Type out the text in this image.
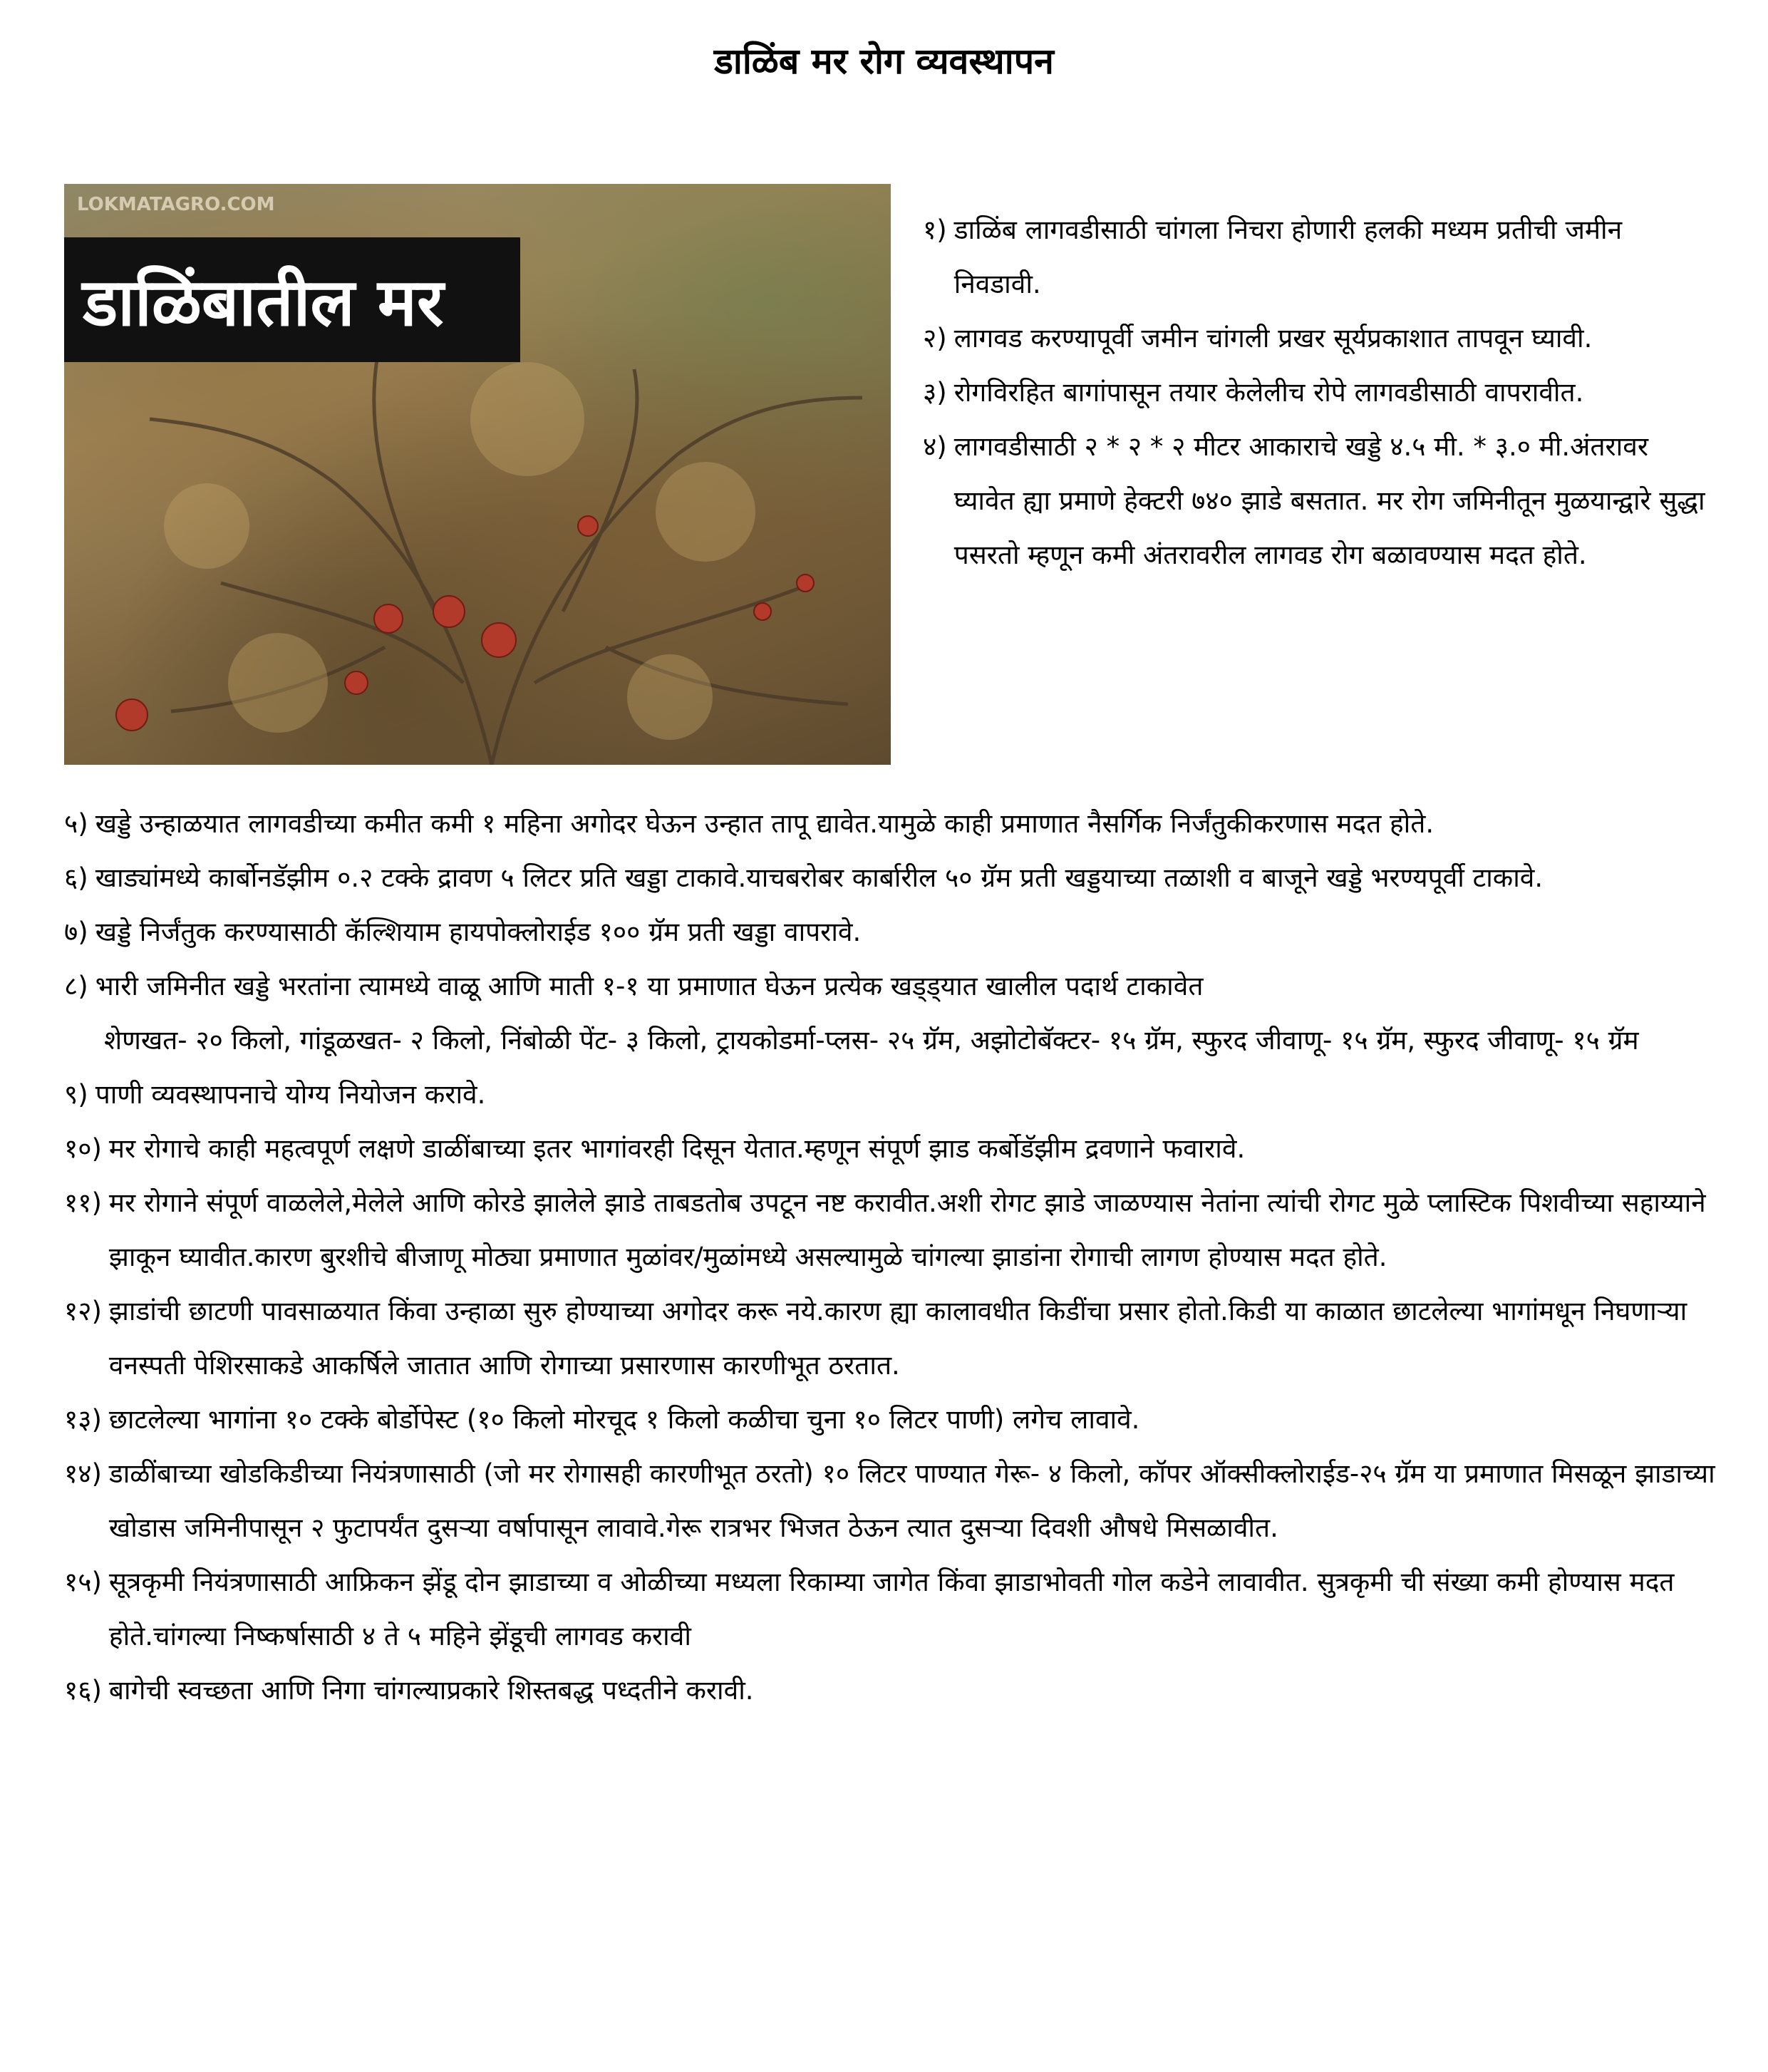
डाळिंब मर रोग व्यवस्थापन
LOKMATAGRO.COM
डाळिंबातील मर
१) डाळिंब लागवडीसाठी चांगला निचरा होणारी हलकी मध्यम प्रतीची जमीन निवडावी.
२) लागवड करण्यापूर्वी जमीन चांगली प्रखर सूर्यप्रकाशात तापवून घ्यावी.
३) रोगविरहित बागांपासून तयार केलेलीच रोपे लागवडीसाठी वापरावीत.
४) लागवडीसाठी २ * २ * २ मीटर आकाराचे खड्डे ४.५ मी. * ३.० मी.अंतरावर घ्यावेत ह्या प्रमाणे हेक्टरी ७४० झाडे बसतात. मर रोग जमिनीतून मुळयान्द्वारे सुद्धा पसरतो म्हणून कमी अंतरावरील लागवड रोग बळावण्यास मदत होते.
५) खड्डे उन्हाळयात लागवडीच्या कमीत कमी १ महिना अगोदर घेऊन उन्हात तापू द्यावेत.यामुळे काही प्रमाणात नैसर्गिक निर्जंतुकीकरणास मदत होते.
६) खाड्यांमध्ये कार्बोनडॅझीम ०.२ टक्के द्रावण ५ लिटर प्रति खड्डा टाकावे.याचबरोबर कार्बारील ५० ग्रॅम प्रती खड्डयाच्या तळाशी व बाजूने खड्डे भरण्यपूर्वी टाकावे.
७) खड्डे निर्जंतुक करण्यासाठी कॅल्शियाम हायपोक्लोराईड १०० ग्रॅम प्रती खड्डा वापरावे.
८) भारी जमिनीत खड्डे भरतांना त्यामध्ये वाळू आणि माती १-१ या प्रमाणात घेऊन प्रत्येक खड्ड्यात खालील पदार्थ टाकावेत
शेणखत- २० किलो, गांडूळखत- २ किलो, निंबोळी पेंट- ३ किलो, ट्रायकोडर्मा-प्लस- २५ ग्रॅम, अझोटोबॅक्टर- १५ ग्रॅम, स्फुरद जीवाणू- १५ ग्रॅम, स्फुरद जीवाणू- १५ ग्रॅम
९) पाणी व्यवस्थापनाचे योग्य नियोजन करावे.
१०) मर रोगाचे काही महत्वपूर्ण लक्षणे डाळींबाच्या इतर भागांवरही दिसून येतात.म्हणून संपूर्ण झाड कर्बोडॅझीम द्रवणाने फवारावे.
११) मर रोगाने संपूर्ण वाळलेले,मेलेले आणि कोरडे झालेले झाडे ताबडतोब उपटून नष्ट करावीत.अशी रोगट झाडे जाळण्यास नेतांना त्यांची रोगट मुळे प्लास्टिक पिशवीच्या सहाय्याने झाकून घ्यावीत.कारण बुरशीचे बीजाणू मोठ्या प्रमाणात मुळांवर/मुळांमध्ये असल्यामुळे चांगल्या झाडांना रोगाची लागण होण्यास मदत होते.
१२) झाडांची छाटणी पावसाळयात किंवा उन्हाळा सुरु होण्याच्या अगोदर करू नये.कारण ह्या कालावधीत किडींचा प्रसार होतो.किडी या काळात छाटलेल्या भागांमधून निघणाऱ्या वनस्पती पेशिरसाकडे आकर्षिले जातात आणि रोगाच्या प्रसारणास कारणीभूत ठरतात.
१३) छाटलेल्या भागांना १० टक्के बोर्डोपेस्ट (१० किलो मोरचूद १ किलो कळीचा चुना १० लिटर पाणी) लगेच लावावे.
१४) डाळींबाच्या खोडकिडीच्या नियंत्रणासाठी (जो मर रोगासही कारणीभूत ठरतो) १० लिटर पाण्यात गेरू- ४ किलो, कॉपर ऑक्सीक्लोराईड-२५ ग्रॅम या प्रमाणात मिसळून झाडाच्या खोडास जमिनीपासून २ फुटापर्यंत दुसऱ्या वर्षापासून लावावे.गेरू रात्रभर भिजत ठेऊन त्यात दुसऱ्या दिवशी औषधे मिसळावीत.
१५) सूत्रकृमी नियंत्रणासाठी आफ्रिकन झेंडू दोन झाडाच्या व ओळीच्या मध्यला रिकाम्या जागेत किंवा झाडाभोवती गोल कडेने लावावीत. सुत्रकृमी ची संख्या कमी होण्यास मदत होते.चांगल्या निष्कर्षासाठी ४ ते ५ महिने झेंडूची लागवड करावी
१६) बागेची स्वच्छता आणि निगा चांगल्याप्रकारे शिस्तबद्ध पध्दतीने करावी.
